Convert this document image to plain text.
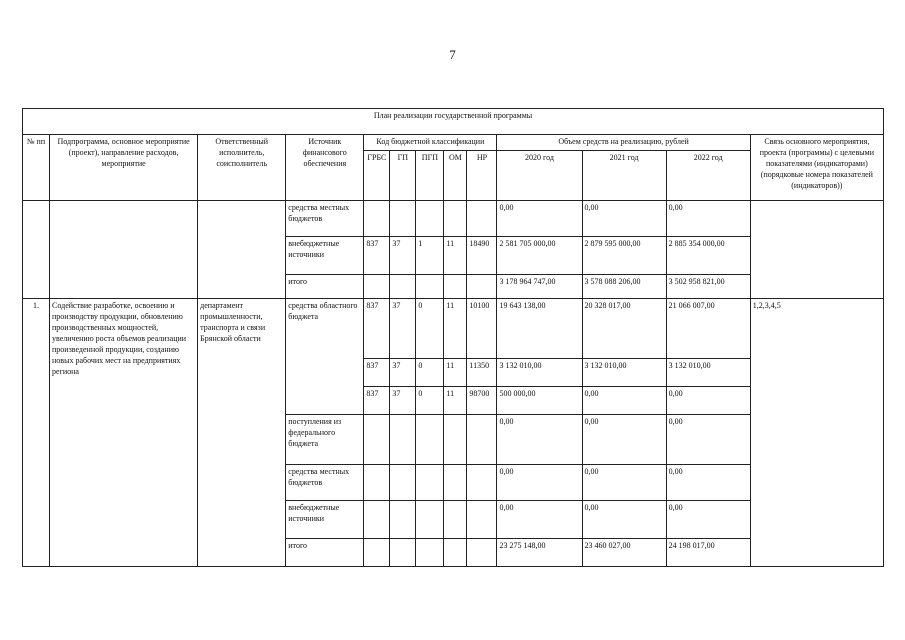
7
План реализации государственной программы												
№ пп	Подпрограмма, основное мероприятие (проект), направление расходов, мероприятие	Ответственный исполнитель, соисполнитель	Источник финансового обеспечения	Код бюджетной классификации					Объем средств на реализацию, рублей			Связь основного мероприятия, проекта (программы) с целевыми показателями (индикаторами) (порядковые номера показателей (индикаторов))
				ГРБС	ГП	ПГП	ОМ	НР	2020 год	2021 год	2022 год	
			средства местных бюджетов						0,00	0,00	0,00	
			внебюджетные источники	837	37	1	11	18490	2 581 705 000,00	2 879 595 000,00	2 885 354 000,00	
			итого						3 178 964 747,00	3 578 088 206,00	3 502 958 821,00	
1.	Содействие разработке, освоению и производству продукции, обновлению производственных мощностей, увеличению роста объемов реализации произведенной продукции, созданию новых рабочих мест на предприятиях региона	департамент промышленности, транспорта и связи Брянской области	средства областного бюджета	837	37	0	11	10100	19 643 138,00	20 328 017,00	21 066 007,00	1,2,3,4,5
				837	37	0	11	11350	3 132 010,00	3 132 010,00	3 132 010,00	
				837	37	0	11	98700	500 000,00	0,00	0,00	
			поступления из федерального бюджета						0,00	0,00	0,00	
			средства местных бюджетов						0,00	0,00	0,00	
			внебюджетные источники						0,00	0,00	0,00	
			итого						23 275 148,00	23 460 027,00	24 198 017,00	
